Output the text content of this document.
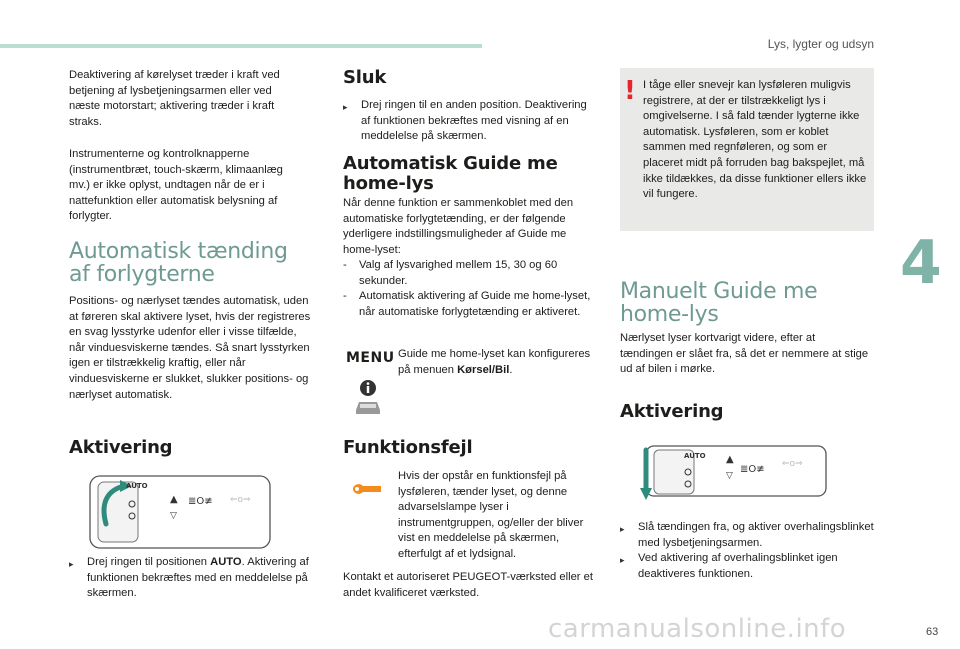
Lys, lygter og udsyn

Deaktivering af kørelyset træder i kraft ved betjening af lysbetjeningsarmen eller ved næste motorstart; aktivering træder i kraft straks.

Instrumenterne og kontrolknapperne (instrumentbræt, touch-skærm, klimaanlæg mv.) er ikke oplyst, undtagen når de er i nattefunktion eller automatisk belysning af forlygter.

Automatisk tænding af forlygterne

Positions- og nærlyset tændes automatisk, uden at føreren skal aktivere lyset, hvis der registreres en svag lysstyrke udenfor eller i visse tilfælde, når vinduesviskerne tændes. Så snart lysstyrken igen er tilstrækkelig kraftig, eller når vinduesviskerne er slukket, slukker positions- og nærlyset automatisk.

Aktivering
AUTO
▲
▽
≣O≢ ⇐o⇒
▸	Drej ringen til positionen AUTO. Aktivering af funktionen bekræftes med en meddelelse på skærmen.
Sluk
▸	Drej ringen til en anden position. Deaktivering af funktionen bekræftes med visning af en meddelelse på skærmen.
Automatisk Guide me home-lys

Når denne funktion er sammenkoblet med den automatiske forlygtetænding, er der følgende yderligere indstillingsmuligheder af Guide me home-lyset:

-	Valg af lysvarighed mellem 15, 30 og 60 sekunder.
-	Automatisk aktivering af Guide me home-lyset, når automatiske forlygtetænding er aktiveret.
MENU Guide me home-lyset kan konfigureres på menuen Kørsel/Bil.

Funktionsfejl

Hvis der opstår en funktionsfejl på lysføleren, tænder lyset, og denne advarselslampe lyser i instrumentgruppen, og/eller der bliver vist en meddelelse på skærmen, efterfulgt af et lydsignal.

Kontakt et autoriseret PEUGEOT-værksted eller et andet kvalificeret værksted.

! I tåge eller snevejr kan lysføleren muligvis registrere, at der er tilstrækkeligt lys i omgivelserne. I så fald tænder lygterne ikke automatisk. Lysføleren, som er koblet sammen med regnføleren, og som er placeret midt på forruden bag bakspejlet, må ikke tildækkes, da disse funktioner ellers ikke vil fungere.

Manuelt Guide me home-lys

Nærlyset lyser kortvarigt videre, efter at tændingen er slået fra, så det er nemmere at stige ud af bilen i mørke.

Aktivering
AUTO ▲
▽
≣O≢ ⇐o⇒
▸	Slå tændingen fra, og aktiver overhalingsblinket med lysbetjeningsarmen.
▸	Ved aktivering af overhalingsblinket igen deaktiveres funktionen.
4
carmanualsonline.info	63
